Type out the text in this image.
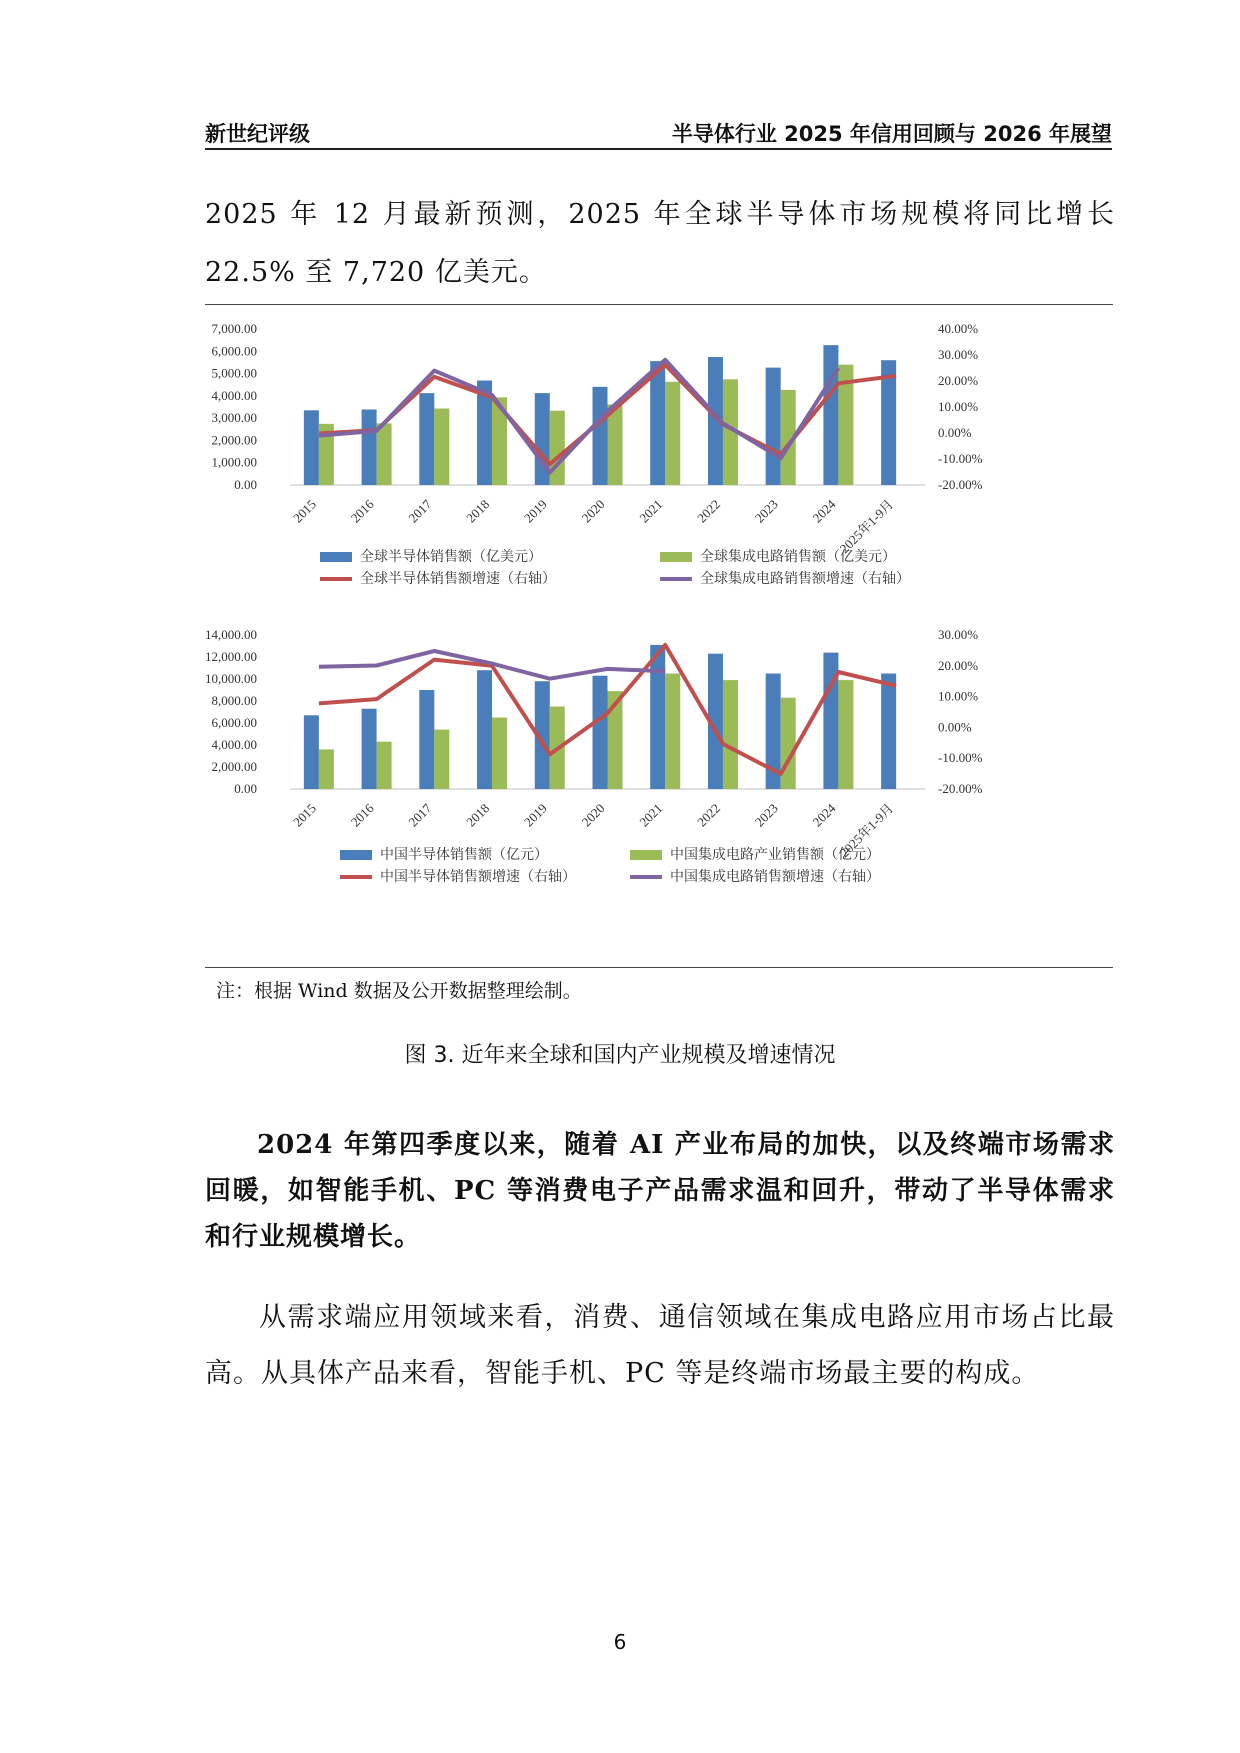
新世纪评级	半导体行业 2025 年信用回顾与 2026 年展望
2025 年 12 月最新预测，2025 年全球半导体市场规模将同比增长 22.5% 至 7,720 亿美元。
7,000.00
6,000.00
5,000.00
4,000.00
3,000.00
2,000.00
1,000.00
0.00
40.00%
30.00%
20.00%
10.00%
0.00%
-10.00%
-20.00%
2015 2016 2017 2018 2019 2020 2021 2022 2023 2024
2025年1-9月
全球半导体销售额（亿美元）	全球集成电路销售额（亿美元）
全球半导体销售额增速（右轴）	全球集成电路销售额增速（右轴）
14,000.00
12,000.00
10,000.00
8,000.00
6,000.00
4,000.00
2,000.00
0.00
30.00%
20.00%
10.00%
0.00%
-10.00%
-20.00%
2015 2016 2017 2018 2019 2020 2021 2022 2023 2024
2025年1-9月
中国半导体销售额（亿元）	中国集成电路产业销售额（亿元）
中国半导体销售额增速（右轴）	中国集成电路销售额增速（右轴）
注：根据 Wind 数据及公开数据整理绘制。
图 3. 近年来全球和国内产业规模及增速情况
2024 年第四季度以来，随着 AI 产业布局的加快，以及终端市场需求回暖，如智能手机、PC 等消费电子产品需求温和回升，带动了半导体需求和行业规模增长。
从需求端应用领域来看，消费、通信领域在集成电路应用市场占比最高。从具体产品来看，智能手机、PC 等是终端市场最主要的构成。
6
